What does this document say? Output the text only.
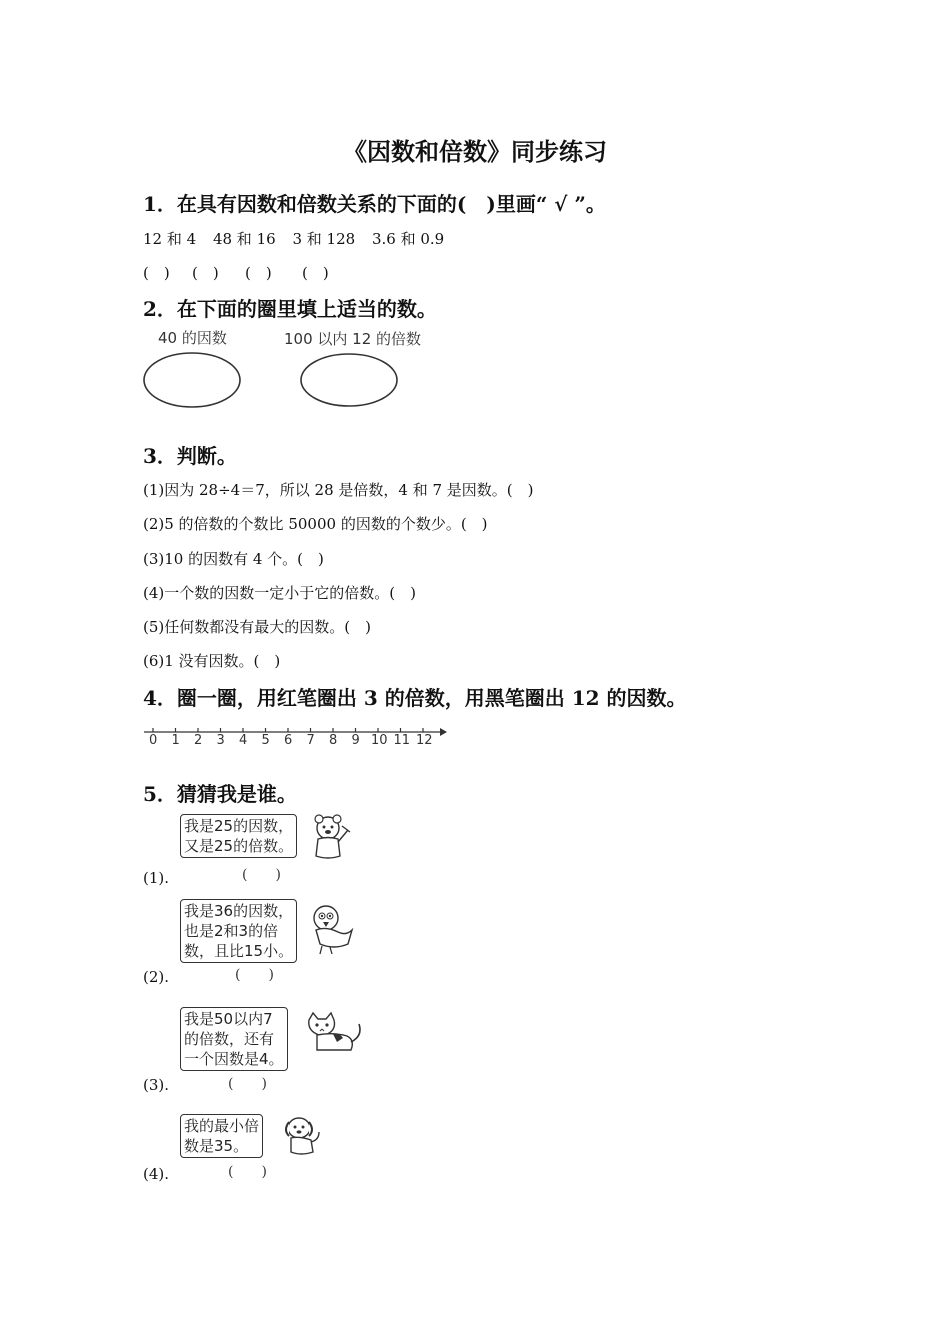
《因数和倍数》同步练习
1．在具有因数和倍数关系的下面的(　)里画“ √ ”。
12 和 4 48 和 16 3 和 128 3.6 和 0.9
(　) (　) (　) (　)
2．在下面的圈里填上适当的数。
40 的因数	100 以内 12 的倍数
3．判断。
(1)因为 28÷4＝7，所以 28 是倍数，4 和 7 是因数。(　)
(2)5 的倍数的个数比 50000 的因数的个数少。(　)
(3)10 的因数有 4 个。(　)
(4)一个数的因数一定小于它的倍数。(　)
(5)任何数都没有最大的因数。(　)
(6)1 没有因数。(　)
4．圈一圈，用红笔圈出 3 的倍数，用黑笔圈出 12 的因数。
0 1 2 3 4 5 6 7 8 9 10 11 12
5．猜猜我是谁。
我是25的因数，
又是25的倍数。
(　　)
(1).
我是36的因数，
也是2和3的倍
数，且比15小。
(　　)
(2).
我是50以内7
的倍数，还有
一个因数是4。
(　　)
(3).
我的最小倍
数是35。
(　　)
(4).
